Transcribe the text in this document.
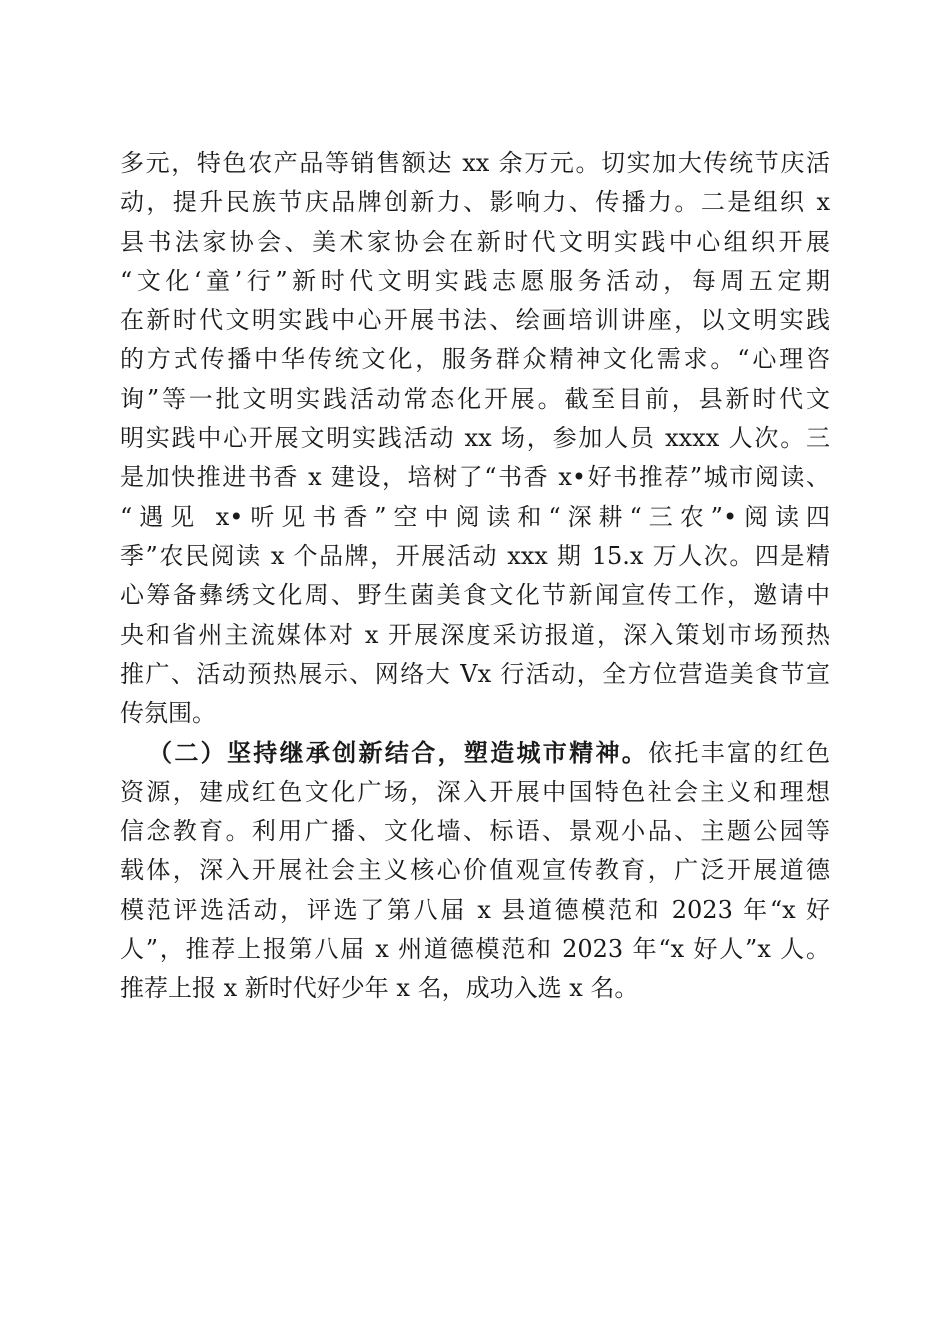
多元，特色农产品等销售额达 xx 余万元。切实加大传统节庆活
动，提升民族节庆品牌创新力、影响力、传播力。二是组织 x
县书法家协会、美术家协会在新时代文明实践中心组织开展
“文化‘童’行”新时代文明实践志愿服务活动，每周五定期
在新时代文明实践中心开展书法、绘画培训讲座，以文明实践
的方式传播中华传统文化，服务群众精神文化需求。“心理咨
询”等一批文明实践活动常态化开展。截至目前，县新时代文
明实践中心开展文明实践活动 xx 场，参加人员 xxxx 人次。三
是加快推进书香 x 建设，培树了“书香 x•好书推荐”城市阅读、
“遇见 x•听见书香”空中阅读和“深耕“三农”•阅读四
季”农民阅读 x 个品牌，开展活动 xxx 期 15.x 万人次。四是精
心筹备彝绣文化周、野生菌美食文化节新闻宣传工作，邀请中
央和省州主流媒体对 x 开展深度采访报道，深入策划市场预热
推广、活动预热展示、网络大 Vx 行活动，全方位营造美食节宣
传氛围。
（二）坚持继承创新结合，塑造城市精神。依托丰富的红色
资源，建成红色文化广场，深入开展中国特色社会主义和理想
信念教育。利用广播、文化墙、标语、景观小品、主题公园等
载体，深入开展社会主义核心价值观宣传教育，广泛开展道德
模范评选活动，评选了第八届 x 县道德模范和 2023 年“x 好
人”，推荐上报第八届 x 州道德模范和 2023 年“x 好人”x 人。
推荐上报 x 新时代好少年 x 名，成功入选 x 名。
